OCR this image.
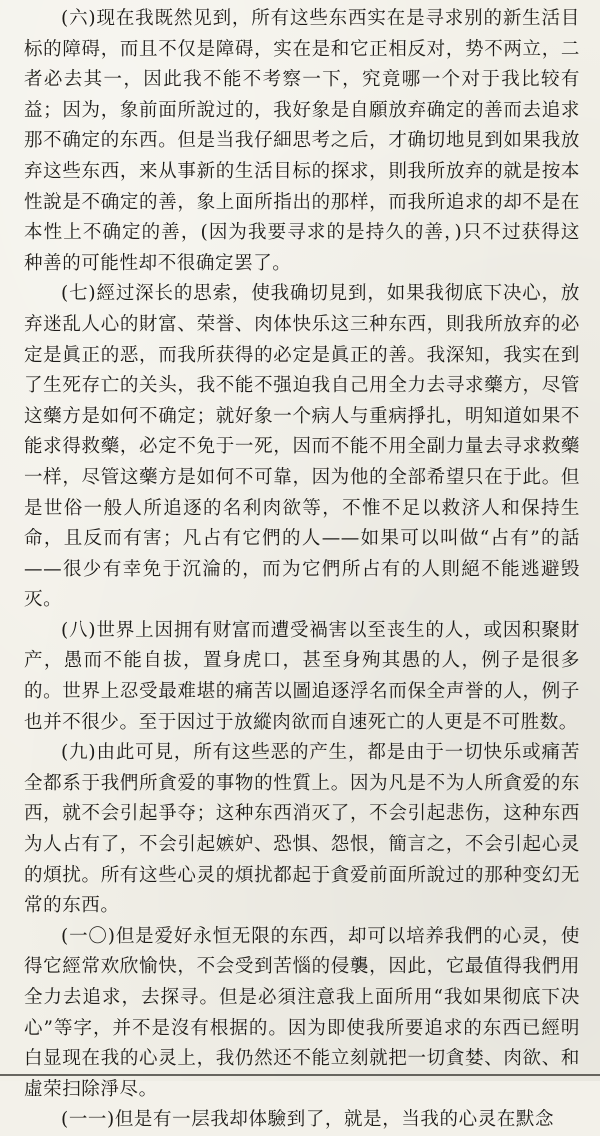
(六)现在我既然见到，所有这些东西实在是寻求别的新生活目标的障碍，而且不仅是障碍，实在是和它正相反对，势不两立，二者必去其一，因此我不能不考察一下，究竟哪一个对于我比较有益；因为，象前面所說过的，我好象是自願放弃确定的善而去追求那不确定的东西。但是当我仔細思考之后，才确切地見到如果我放弃这些东西，来从事新的生活目标的探求，則我所放弃的就是按本性說是不确定的善，象上面所指出的那样，而我所追求的却不是在本性上不确定的善，(因为我要寻求的是持久的善，)只不过获得这种善的可能性却不很确定罢了。

(七)經过深长的思索，使我确切見到，如果我彻底下决心，放弃迷乱人心的財富、荣誉、肉体快乐这三种东西，則我所放弃的必定是眞正的恶，而我所获得的必定是眞正的善。我深知，我实在到了生死存亡的关头，我不能不强迫我自己用全力去寻求藥方，尽管这藥方是如何不确定；就好象一个病人与重病掙扎，明知道如果不能求得救藥，必定不免于一死，因而不能不用全副力量去寻求救藥一样，尽管这藥方是如何不可靠，因为他的全部希望只在于此。但是世俗一般人所追逐的名利肉欲等，不惟不足以救济人和保持生命，且反而有害；凡占有它們的人——如果可以叫做“占有”的話——很少有幸免于沉淪的，而为它們所占有的人則絕不能逃避毁灭。

(八)世界上因拥有财富而遭受禍害以至丧生的人，或因积聚財产，愚而不能自拔，置身虎口，甚至身殉其愚的人，例子是很多的。世界上忍受最难堪的痛苦以圖追逐浮名而保全声誉的人，例子也并不很少。至于因过于放縱肉欲而自速死亡的人更是不可胜数。

(九)由此可見，所有这些恶的产生，都是由于一切快乐或痛苦全都系于我們所貪爱的事物的性質上。因为凡是不为人所貪爱的东西，就不会引起爭夺；这种东西消灭了，不会引起悲伤，这种东西为人占有了，不会引起嫉妒、恐惧、怨恨，簡言之，不会引起心灵的煩扰。所有这些心灵的煩扰都起于貪爱前面所說过的那种变幻无常的东西。

(一〇)但是爱好永恒无限的东西，却可以培养我們的心灵，使得它經常欢欣愉快，不会受到苦惱的侵襲，因此，它最值得我們用全力去追求，去探寻。但是必須注意我上面所用“我如果彻底下决心”等字，并不是沒有根据的。因为即使我所要追求的东西已經明白显现在我的心灵上，我仍然还不能立刻就把一切貪婪、肉欲、和虛荣扫除淨尽。

(一一)但是有一层我却体驗到了，就是，当我的心灵在默念
